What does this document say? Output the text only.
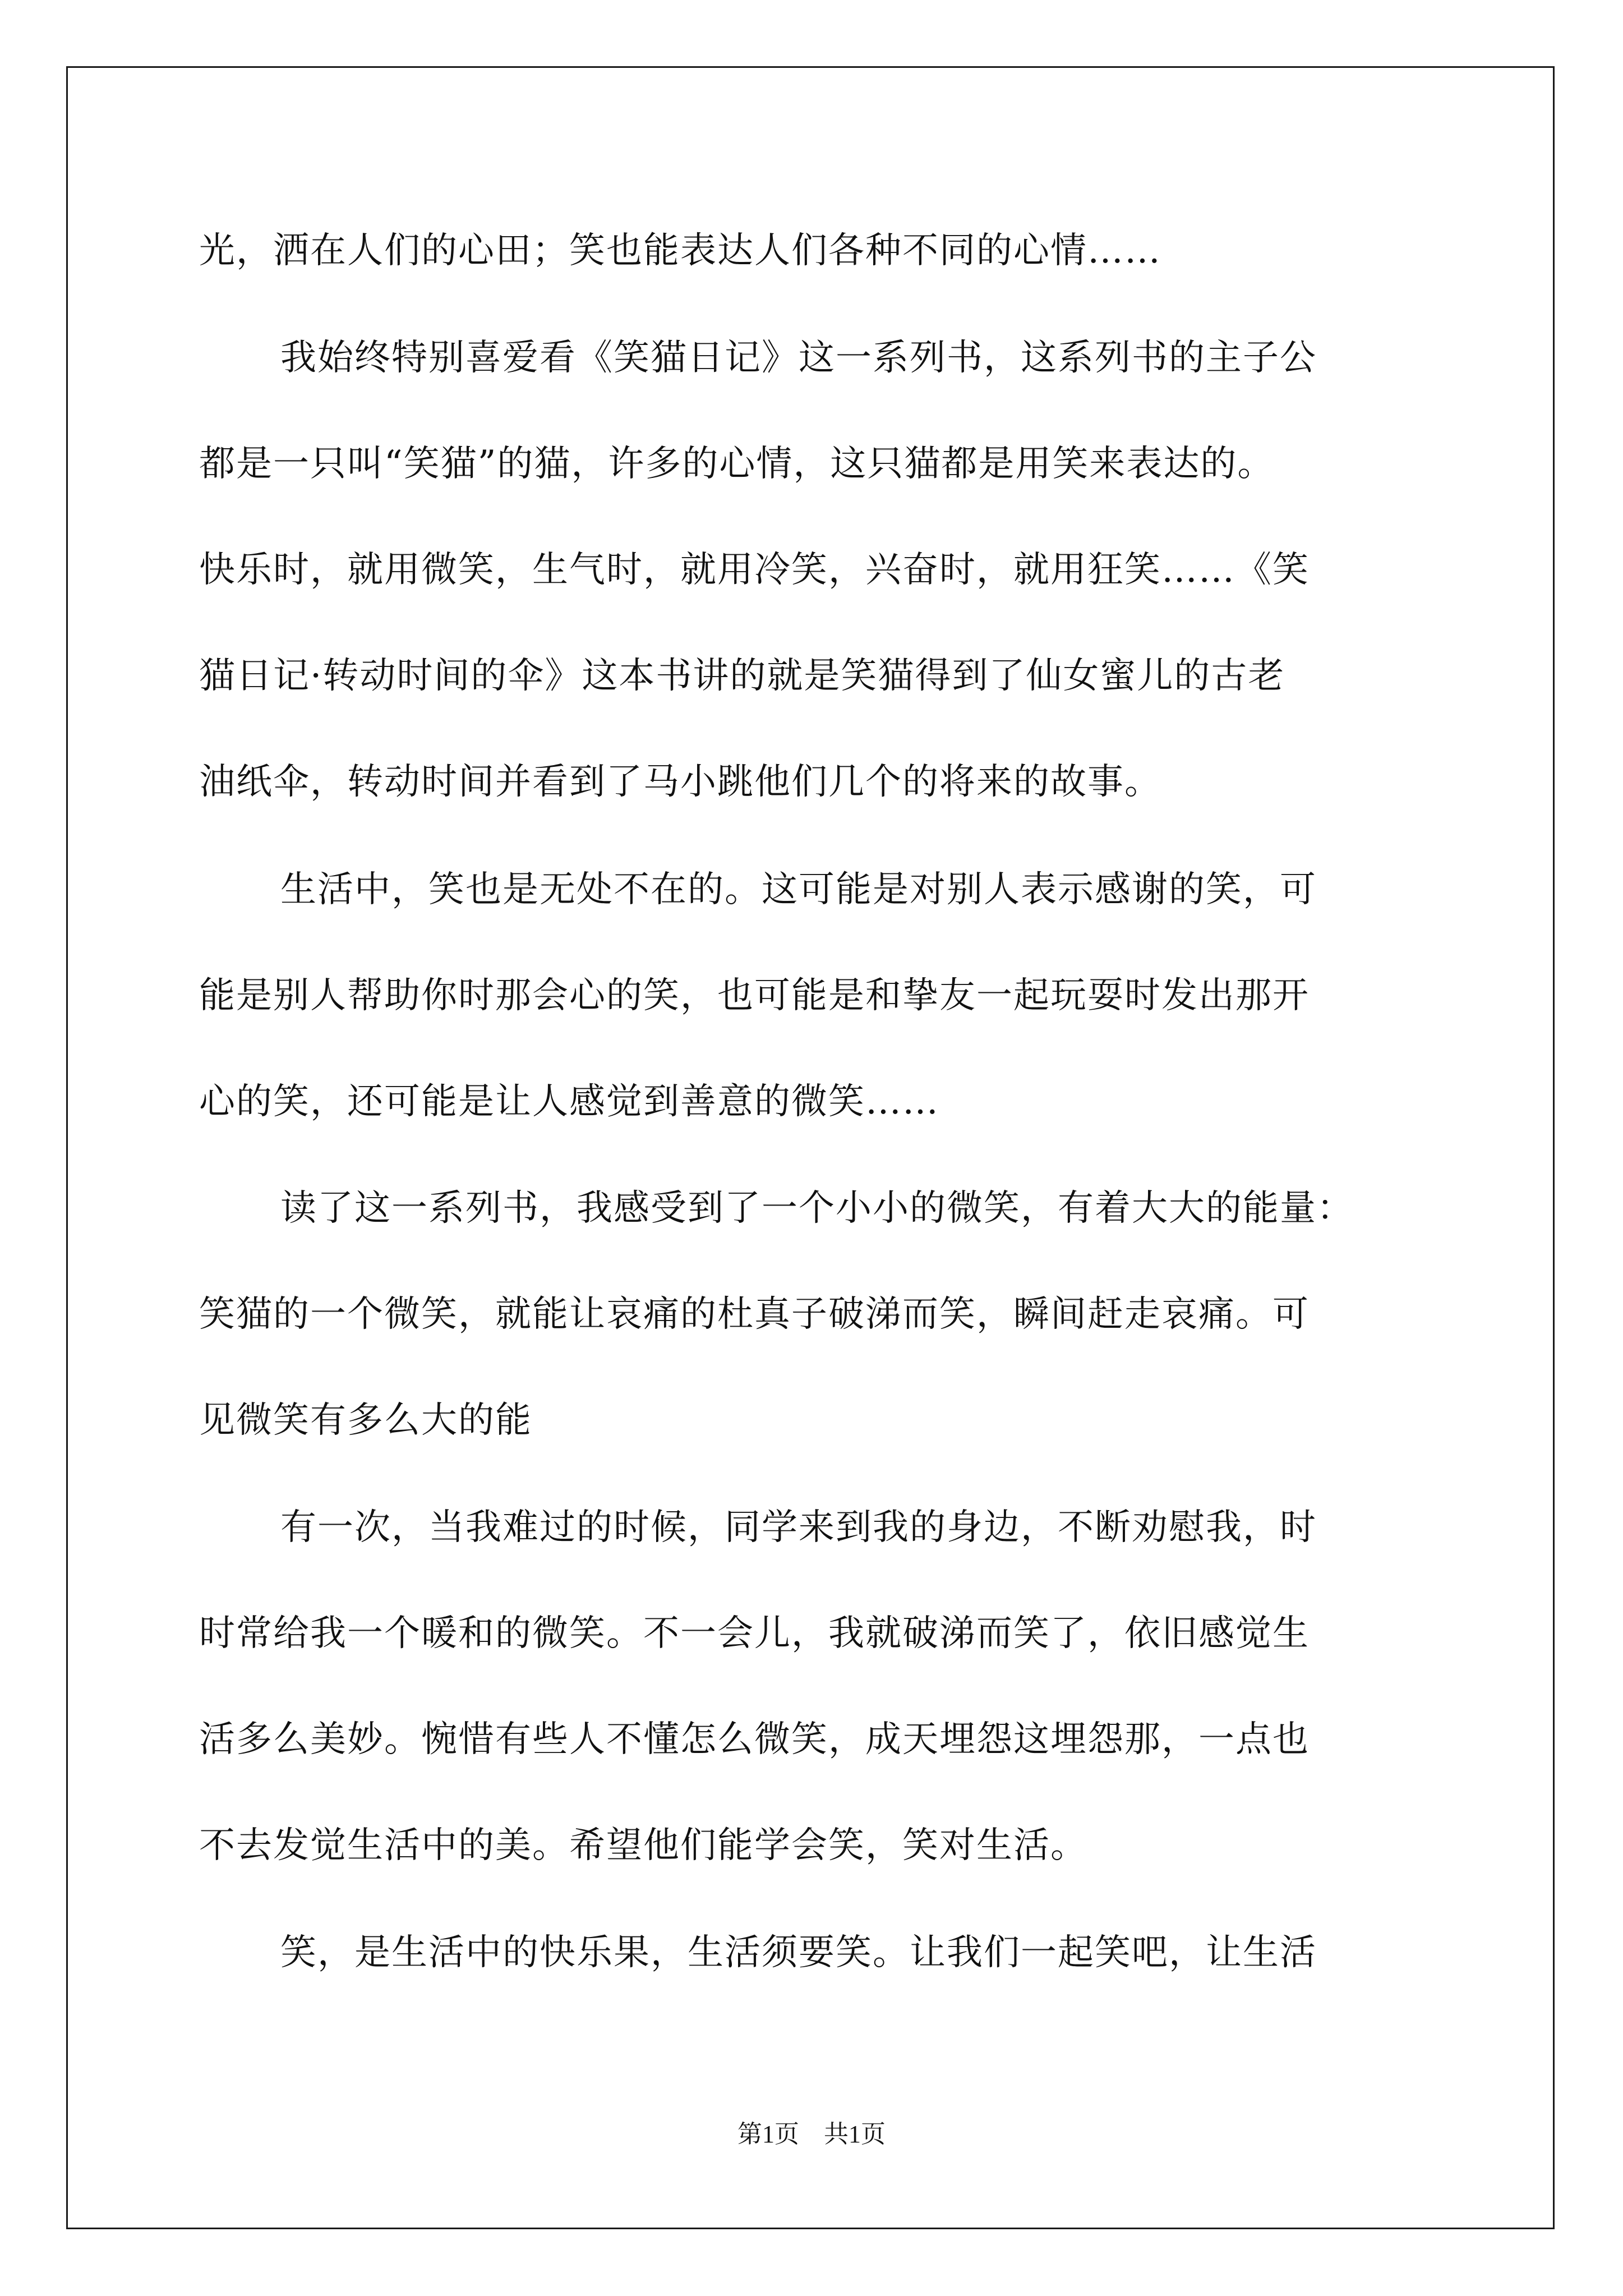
光，洒在人们的心田；笑也能表达人们各种不同的心情……
我始终特别喜爱看《笑猫日记》这一系列书，这系列书的主子公
都是一只叫“笑猫”的猫，许多的心情，这只猫都是用笑来表达的。
快乐时，就用微笑，生气时，就用冷笑，兴奋时，就用狂笑……《笑
猫日记·转动时间的伞》这本书讲的就是笑猫得到了仙女蜜儿的古老
油纸伞，转动时间并看到了马小跳他们几个的将来的故事。
生活中，笑也是无处不在的。这可能是对别人表示感谢的笑，可
能是别人帮助你时那会心的笑，也可能是和挚友一起玩耍时发出那开
心的笑，还可能是让人感觉到善意的微笑……
读了这一系列书，我感受到了一个小小的微笑，有着大大的能量：
笑猫的一个微笑，就能让哀痛的杜真子破涕而笑，瞬间赶走哀痛。可
见微笑有多么大的能
有一次，当我难过的时候，同学来到我的身边，不断劝慰我，时
时常给我一个暖和的微笑。不一会儿，我就破涕而笑了，依旧感觉生
活多么美妙。惋惜有些人不懂怎么微笑，成天埋怨这埋怨那，一点也
不去发觉生活中的美。希望他们能学会笑，笑对生活。
笑，是生活中的快乐果，生活须要笑。让我们一起笑吧，让生活
第1页 共1页
